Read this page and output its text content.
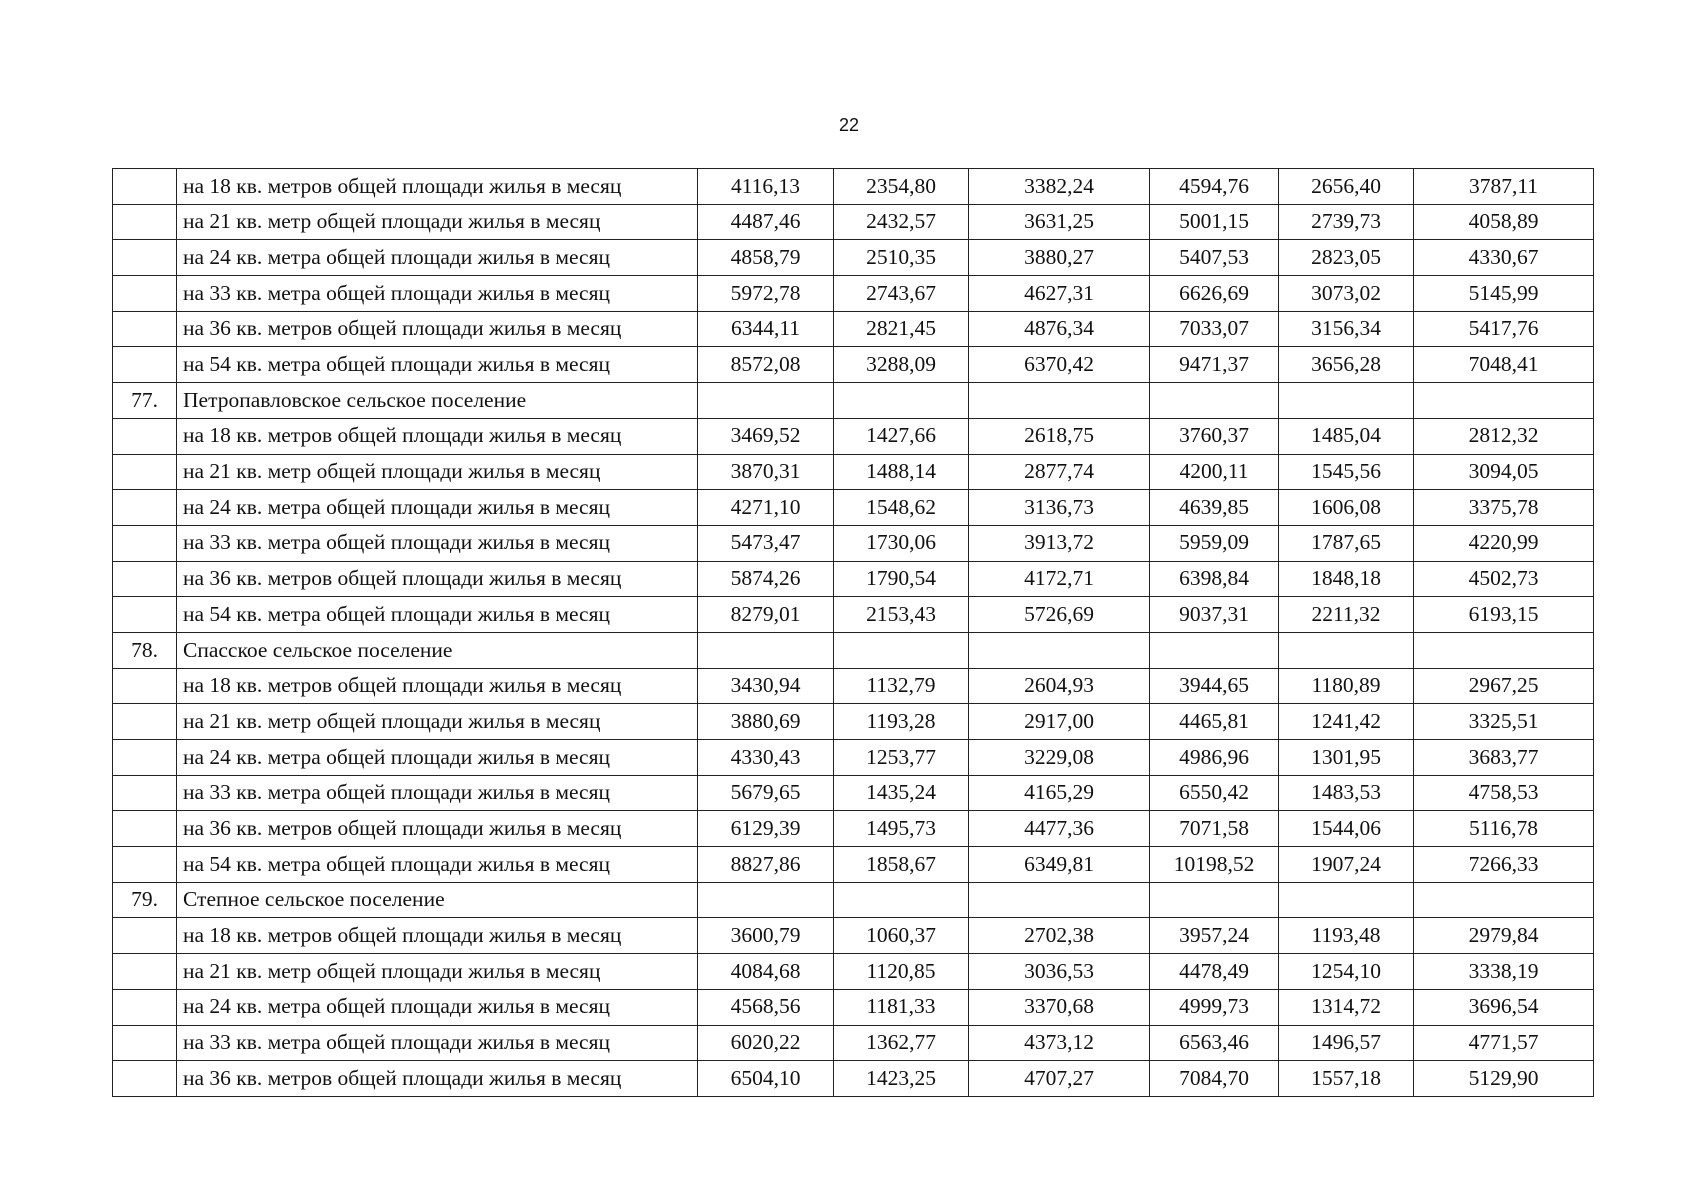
22
	на 18 кв. метров общей площади жилья в месяц	4116,13	2354,80	3382,24	4594,76	2656,40	3787,11
	на 21 кв. метр общей площади жилья в месяц	4487,46	2432,57	3631,25	5001,15	2739,73	4058,89
	на 24 кв. метра общей площади жилья в месяц	4858,79	2510,35	3880,27	5407,53	2823,05	4330,67
	на 33 кв. метра общей площади жилья в месяц	5972,78	2743,67	4627,31	6626,69	3073,02	5145,99
	на 36 кв. метров общей площади жилья в месяц	6344,11	2821,45	4876,34	7033,07	3156,34	5417,76
	на 54 кв. метра общей площади жилья в месяц	8572,08	3288,09	6370,42	9471,37	3656,28	7048,41
77.	Петропавловское сельское поселение						
	на 18 кв. метров общей площади жилья в месяц	3469,52	1427,66	2618,75	3760,37	1485,04	2812,32
	на 21 кв. метр общей площади жилья в месяц	3870,31	1488,14	2877,74	4200,11	1545,56	3094,05
	на 24 кв. метра общей площади жилья в месяц	4271,10	1548,62	3136,73	4639,85	1606,08	3375,78
	на 33 кв. метра общей площади жилья в месяц	5473,47	1730,06	3913,72	5959,09	1787,65	4220,99
	на 36 кв. метров общей площади жилья в месяц	5874,26	1790,54	4172,71	6398,84	1848,18	4502,73
	на 54 кв. метра общей площади жилья в месяц	8279,01	2153,43	5726,69	9037,31	2211,32	6193,15
78.	Спасское сельское поселение						
	на 18 кв. метров общей площади жилья в месяц	3430,94	1132,79	2604,93	3944,65	1180,89	2967,25
	на 21 кв. метр общей площади жилья в месяц	3880,69	1193,28	2917,00	4465,81	1241,42	3325,51
	на 24 кв. метра общей площади жилья в месяц	4330,43	1253,77	3229,08	4986,96	1301,95	3683,77
	на 33 кв. метра общей площади жилья в месяц	5679,65	1435,24	4165,29	6550,42	1483,53	4758,53
	на 36 кв. метров общей площади жилья в месяц	6129,39	1495,73	4477,36	7071,58	1544,06	5116,78
	на 54 кв. метра общей площади жилья в месяц	8827,86	1858,67	6349,81	10198,52	1907,24	7266,33
79.	Степное сельское поселение						
	на 18 кв. метров общей площади жилья в месяц	3600,79	1060,37	2702,38	3957,24	1193,48	2979,84
	на 21 кв. метр общей площади жилья в месяц	4084,68	1120,85	3036,53	4478,49	1254,10	3338,19
	на 24 кв. метра общей площади жилья в месяц	4568,56	1181,33	3370,68	4999,73	1314,72	3696,54
	на 33 кв. метра общей площади жилья в месяц	6020,22	1362,77	4373,12	6563,46	1496,57	4771,57
	на 36 кв. метров общей площади жилья в месяц	6504,10	1423,25	4707,27	7084,70	1557,18	5129,90
